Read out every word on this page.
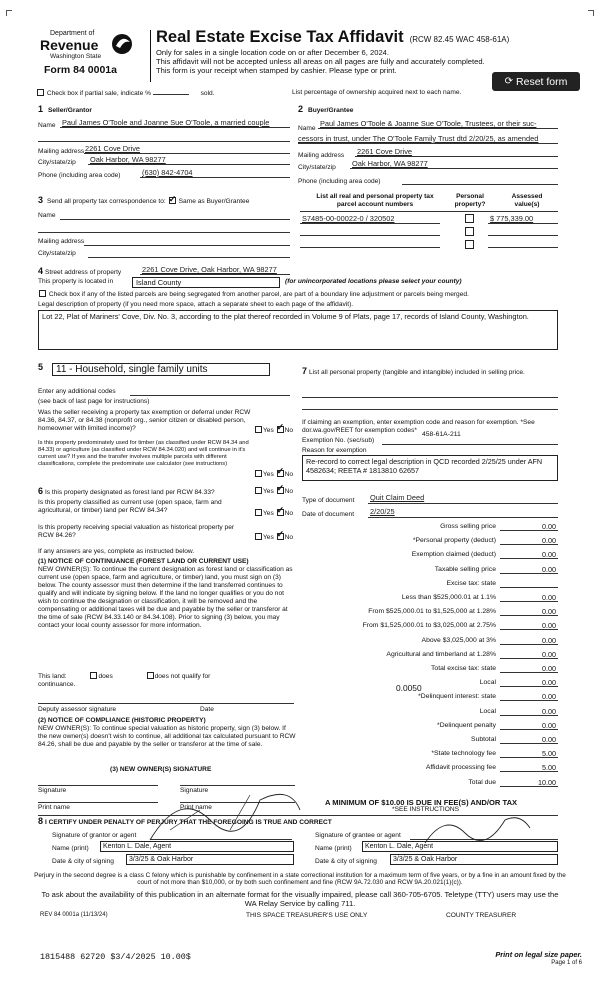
Department of
Revenue
Washington State
Form 84 0001a
Real Estate Excise Tax Affidavit (RCW 82.45 WAC 458-61A)
Only for sales in a single location code on or after December 6, 2024.
This affidavit will not be accepted unless all areas on all pages are fully and accurately completed.
This form is your receipt when stamped by cashier. Please type or print.
Check box if partial sale, indicate %	sold.	List percentage of ownership acquired next to each name.
⟳ Reset form
1 Seller/Grantor
Name Paul James O'Toole and Joanne Sue O'Toole, a married couple
Mailing address 2261 Cove Drive
City/state/zip Oak Harbor, WA 98277
Phone (including area code)	(630) 842-4704
2 Buyer/Grantee
Name
Paul James O'Toole & Joanne Sue O'Toole, Trustees, or their suc-
cessors in trust, under The O'Toole Family Trust dtd 2/20/25, as amended
Mailing address 2261 Cove Drive
City/state/zip Oak Harbor, WA 98277
Phone (including area code)
3 Send all property tax correspondence to: ✓ Same as Buyer/Grantee
Name
Mailing address
City/state/zip
List all real and personal property tax
parcel account numbers
Personal
property?
Assessed
value(s)
S7485-00-00022-0 / 320502	$ 775,339.00
4 Street address of property	2261 Cove Drive, Oak Harbor, WA 98277
This property is located in	Island County	(for unincorporated locations please select your county)
Check box if any of the listed parcels are being segregated from another parcel, are part of a boundary line adjustment or parcels being merged.
Legal description of property (if you need more space, attach a separate sheet to each page of the affidavit).
Lot 22, Plat of Mariners' Cove, Div. No. 3, according to the plat thereof recorded in Volume 9 of Plats, page 17, records of Island County, Washington.
5	11 - Household, single family units
Enter any additional codes
(see back of last page for instructions)
Was the seller receiving a property tax exemption or deferral under RCW 84.36, 84.37, or 84.38 (nonprofit org., senior citizen or disabled person, homeowner with limited income)?	Yes ✓ No
Is this property predominately used for timber (as classified under RCW 84.34 and 84.33) or agriculture (as classified under RCW 84.34.020) and will continue in it's current use? If yes and the transfer involves multiple parcels with different classifications, complete the predominate use calculator (see instructions)
Yes ✓ No
6 Is this property designated as forest land per RCW 84.33?	Yes ✓ No
Is this property classified as current use (open space, farm and agricultural, or timber) land per RCW 84.34?	Yes ✓ No
Is this property receiving special valuation as historical property per RCW 84.26?	Yes ✓ No
If any answers are yes, complete as instructed below.
(1) NOTICE OF CONTINUANCE (FOREST LAND OR CURRENT USE)
NEW OWNER(S): To continue the current designation as forest land or classification as current use (open space, farm and agriculture, or timber) land, you must sign on (3) below. The county assessor must then determine if the land transferred continues to qualify and will indicate by signing below. If the land no longer qualifies or you do not wish to continue the designation or classification, it will be removed and the compensating or additional taxes will be due and payable by the seller or transferor at the time of sale (RCW 84.33.140 or 84.34.108). Prior to signing (3) below, you may contact your local county assessor for more information.
This land:	does	does not qualify for
continuance.
Deputy assessor signature	Date
(2) NOTICE OF COMPLIANCE (HISTORIC PROPERTY)
NEW OWNER(S): To continue special valuation as historic property, sign (3) below. If the new owner(s) doesn't wish to continue, all additional tax calculated pursuant to RCW 84.26, shall be due and payable by the seller or transferor at the time of sale.
(3) NEW OWNER(S) SIGNATURE
Signature	Signature
Print name	Print name
7 List all personal property (tangible and intangible) included in selling price.
If claiming an exemption, enter exemption code and reason for exemption. *See dor.wa.gov/REET for exemption codes*
458-61A-211
Exemption No. (sec/sub)
Reason for exemption
Re-record to correct legal description in QCD recorded 2/25/25 under AFN 4582634; REETA # 1813810 62657
Type of document Quit Claim Deed
Date of document 2/20/25
Gross selling price	0.00
*Personal property (deduct)	0.00
Exemption claimed (deduct)	0.00
Taxable selling price	0.00
Excise tax: state
Less than $525,000.01 at 1.1%	0.00
From $525,000.01 to $1,525,000 at 1.28%	0.00
From $1,525,000.01 to $3,025,000 at 2.75%	0.00
Above $3,025,000 at 3%	0.00
Agricultural and timberland at 1.28%	0.00
Total excise tax: state	0.00
Local	0.00
*Delinquent interest: state	0.00
Local	0.00
*Delinquent penalty	0.00
Subtotal	0.00
*State technology fee	5.00
Affidavit processing fee	5.00
Total due	10.00
0.0050
A MINIMUM OF $10.00 IS DUE IN FEE(S) AND/OR TAX
*SEE INSTRUCTIONS
8 I CERTIFY UNDER PENALTY OF PERJURY THAT THE FOREGOING IS TRUE AND CORRECT
Signature of grantor or agent
Name (print)	Kenton L. Dale, Agent
Date & city of signing	3/3/25 & Oak Harbor
Signature of grantee or agent
Name (print)	Kenton L. Dale, Agent
Date & city of signing	3/3/25 & Oak Harbor
Perjury in the second degree is a class C felony which is punishable by confinement in a state correctional institution for a maximum term of five years, or by a fine in an amount fixed by the court of not more than $10,000, or by both such confinement and fine (RCW 9A.72.030 and RCW 9A.20.021(1)(c)).
To ask about the availability of this publication in an alternate format for the visually impaired, please call 360-705-6705. Teletype (TTY) users may use the WA Relay Service by calling 711.
REV 84 0001a (11/13/24)	THIS SPACE TREASURER'S USE ONLY	COUNTY TREASURER
1815488 62720 $3/4/2025 10.00$	Print on legal size paper.
Page 1 of 6
